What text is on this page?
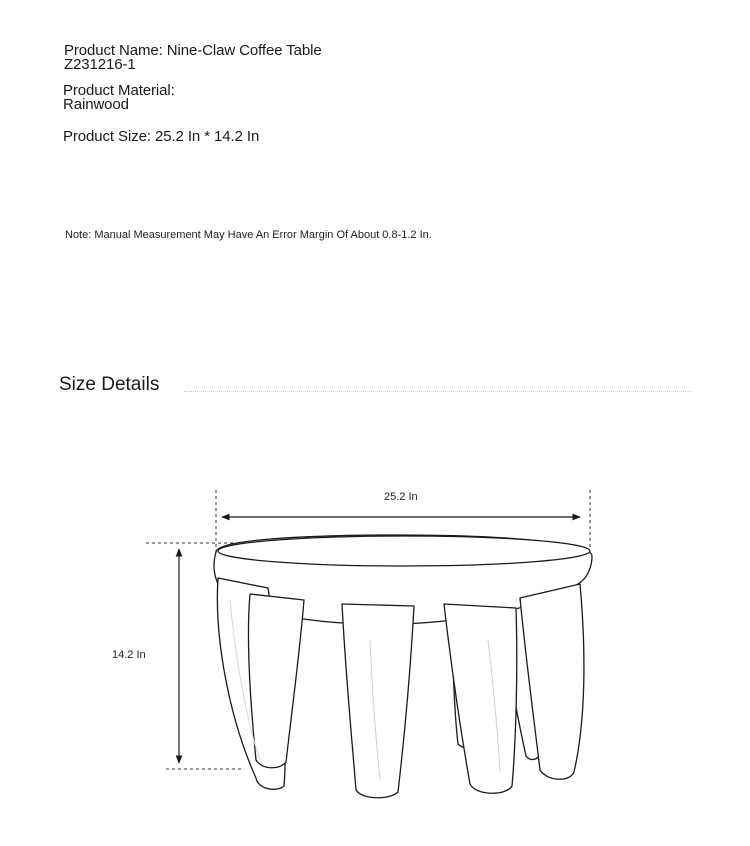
Product Name: Nine-Claw Coffee Table
Z231216-1
Product Material:
Rainwood
Product Size: 25.2 In * 14.2 In
Note: Manual Measurement May Have An Error Margin Of About 0.8-1.2 In.
Size Details
25.2 In
14.2 In
